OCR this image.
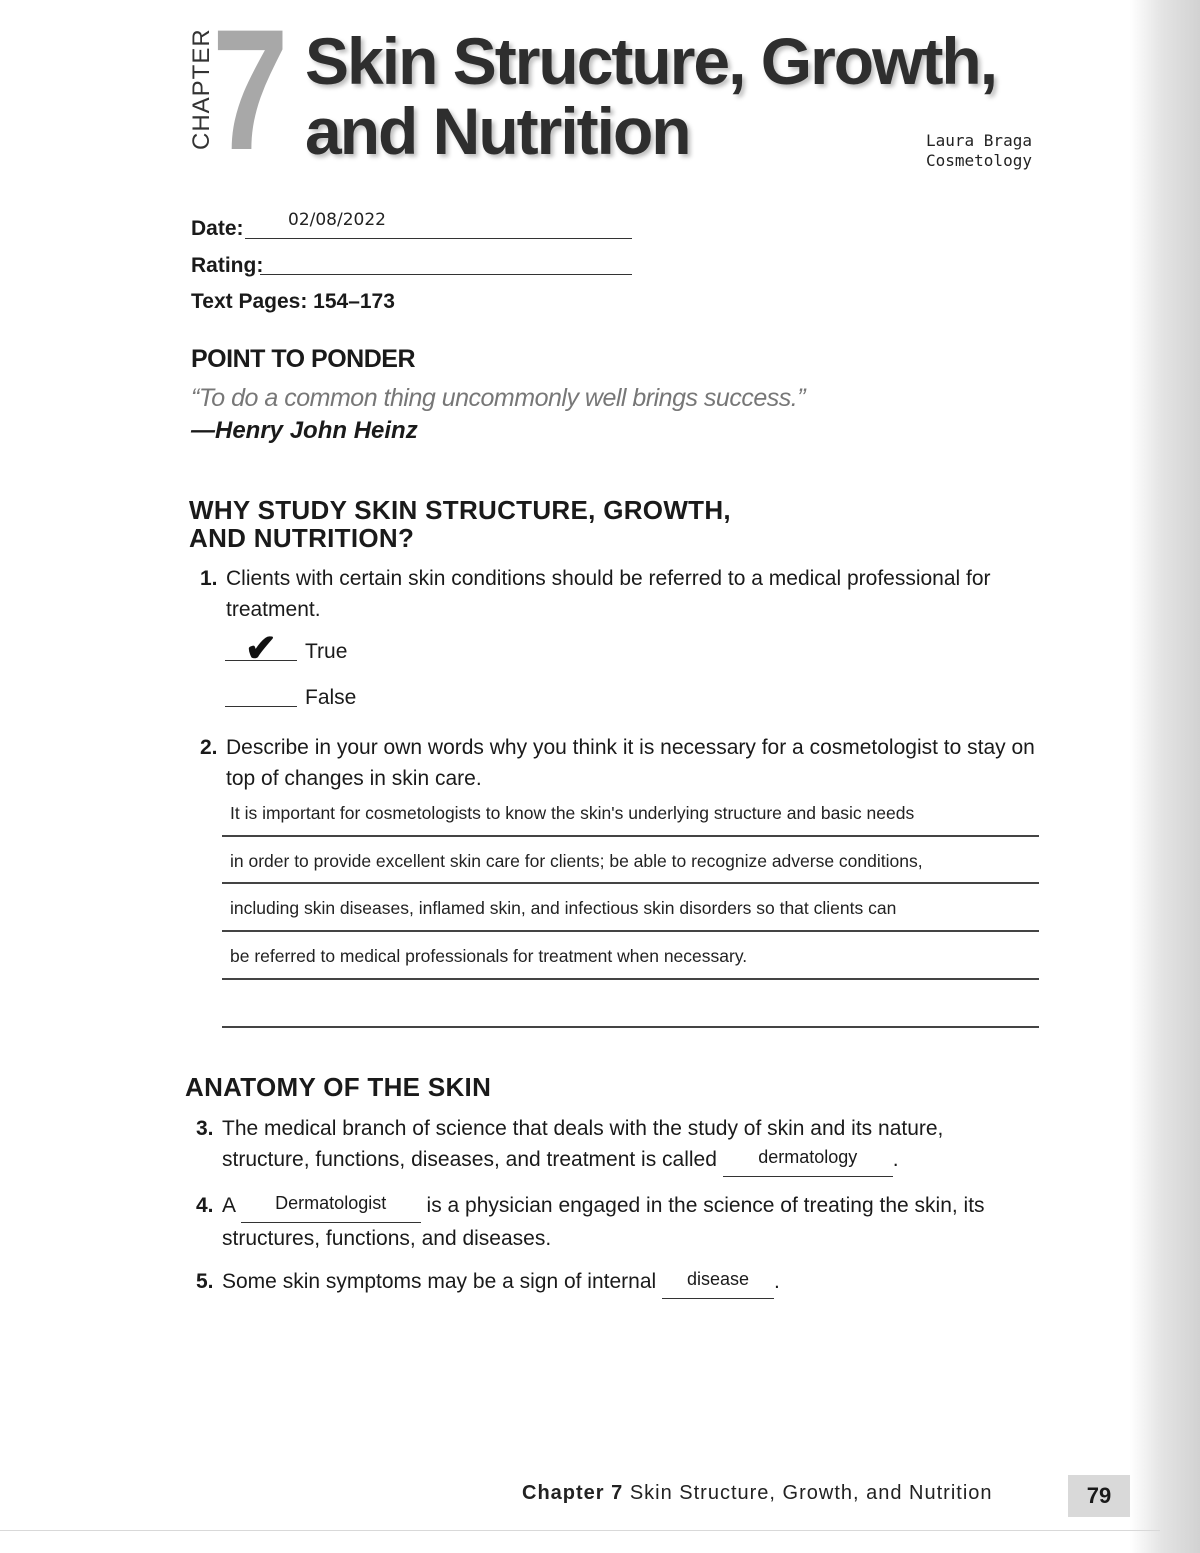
CHAPTER
7 Skin Structure, Growth,
and Nutrition	Laura Braga
Cosmetology
Date:	02/08/2022
Rating:
Text Pages: 154–173
POINT TO PONDER
“To do a common thing uncommonly well brings success.”
—Henry John Heinz
WHY STUDY SKIN STRUCTURE, GROWTH,
AND NUTRITION?
1. Clients with certain skin conditions should be referred to a medical professional for treatment.
✔ True
False
2. Describe in your own words why you think it is necessary for a cosmetologist to stay on top of changes in skin care.
It is important for cosmetologists to know the skin's underlying structure and basic needs
in order to provide excellent skin care for clients; be able to recognize adverse conditions,
including skin diseases, inflamed skin, and infectious skin disorders so that clients can
be referred to medical professionals for treatment when necessary.
ANATOMY OF THE SKIN
3. The medical branch of science that deals with the study of skin and its nature,
structure, functions, diseases, and treatment is called dermatology .
4. A Dermatologist is a physician engaged in the science of treating the skin, its
structures, functions, and diseases.
5. Some skin symptoms may be a sign of internal disease .
Chapter 7 Skin Structure, Growth, and Nutrition	79
